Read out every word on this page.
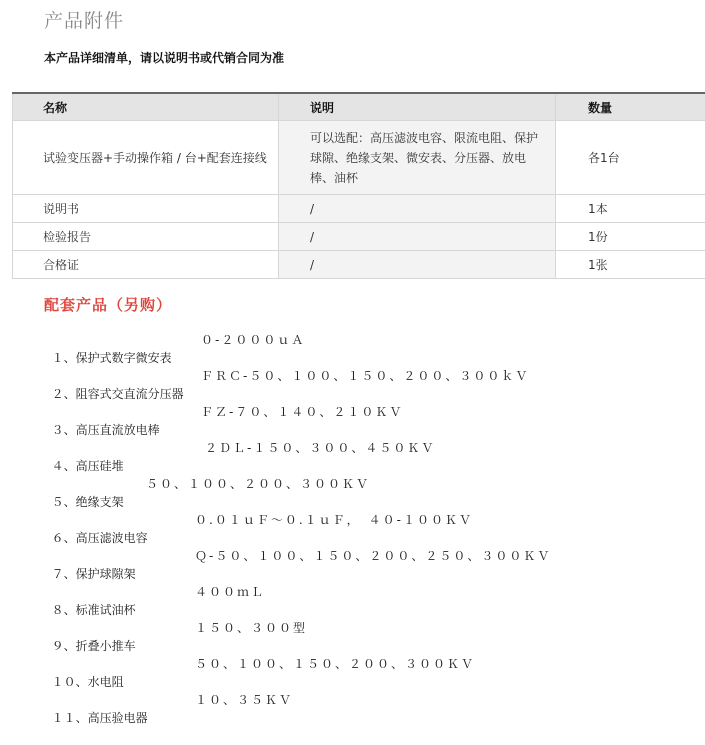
产品附件
本产品详细清单，请以说明书或代销合同为准
名称	说明	数量
试验变压器+手动操作箱 / 台+配套连接线	可以选配：高压滤波电容、限流电阻、保护
球隙、绝缘支架、微安表、分压器、放电
棒、油杯	各1台
说明书	/	1本
检验报告	/	1份
合格证	/	1张
配套产品（另购）

１、保护式数字微安表

０-２０００ｕＡ

２、阻容式交直流分压器

ＦＲＣ-５０、１００、１５０、２００、３００ｋＶ

３、高压直流放电棒

ＦＺ-７０、１４０、２１０ＫＶ

４、高压硅堆

２ＤＬ-１５０、３００、４５０ＫＶ

５、绝缘支架

５０、１００、２００、３００ＫＶ

６、高压滤波电容

０.０１ｕＦ～０.１ｕＦ，　４０-１００ＫＶ

７、保护球隙架

Ｑ-５０、１００、１５０、２００、２５０、３００ＫＶ

８、标准试油杯

４００ｍＬ

９、折叠小推车

１５０、３００型

１０、水电阻

５０、１００、１５０、２００、３００ＫＶ

１１、高压验电器

１０、３５ＫＶ
